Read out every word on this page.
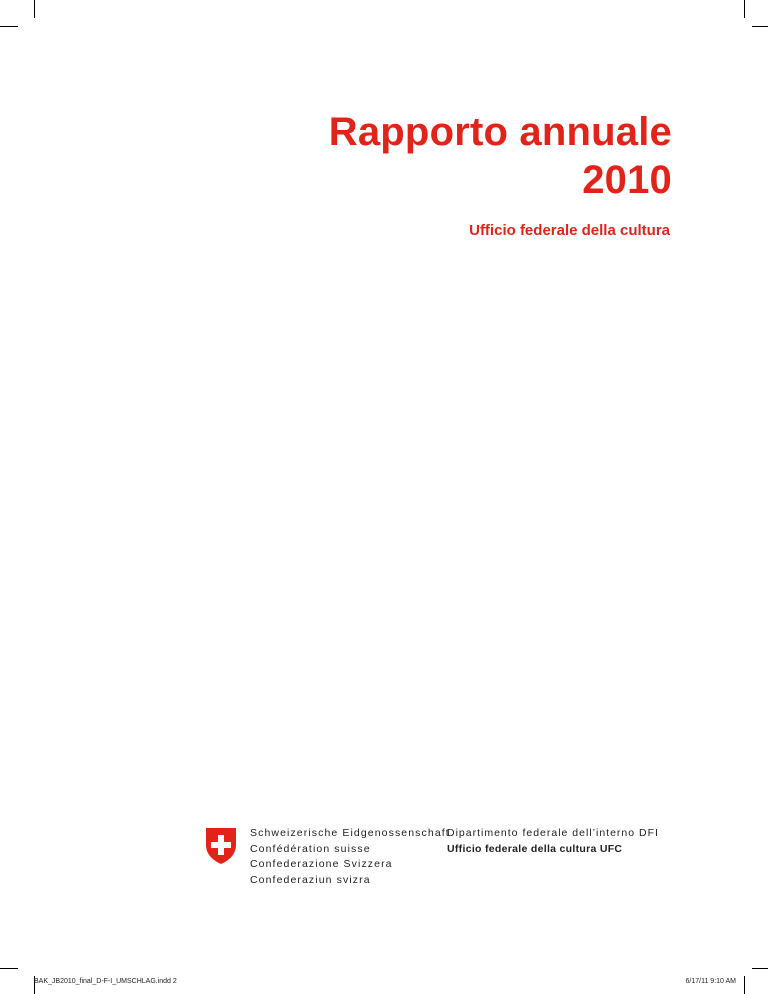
Rapporto annuale
2010
Ufficio federale della cultura
Schweizerische Eidgenossenschaft
Confédération suisse
Confederazione Svizzera
Confederaziun svizra
Dipartimento federale dell’interno DFI
Ufficio federale della cultura UFC
BAK_JB2010_final_D-F-I_UMSCHLAG.indd 2	6/17/11 9:10 AM
